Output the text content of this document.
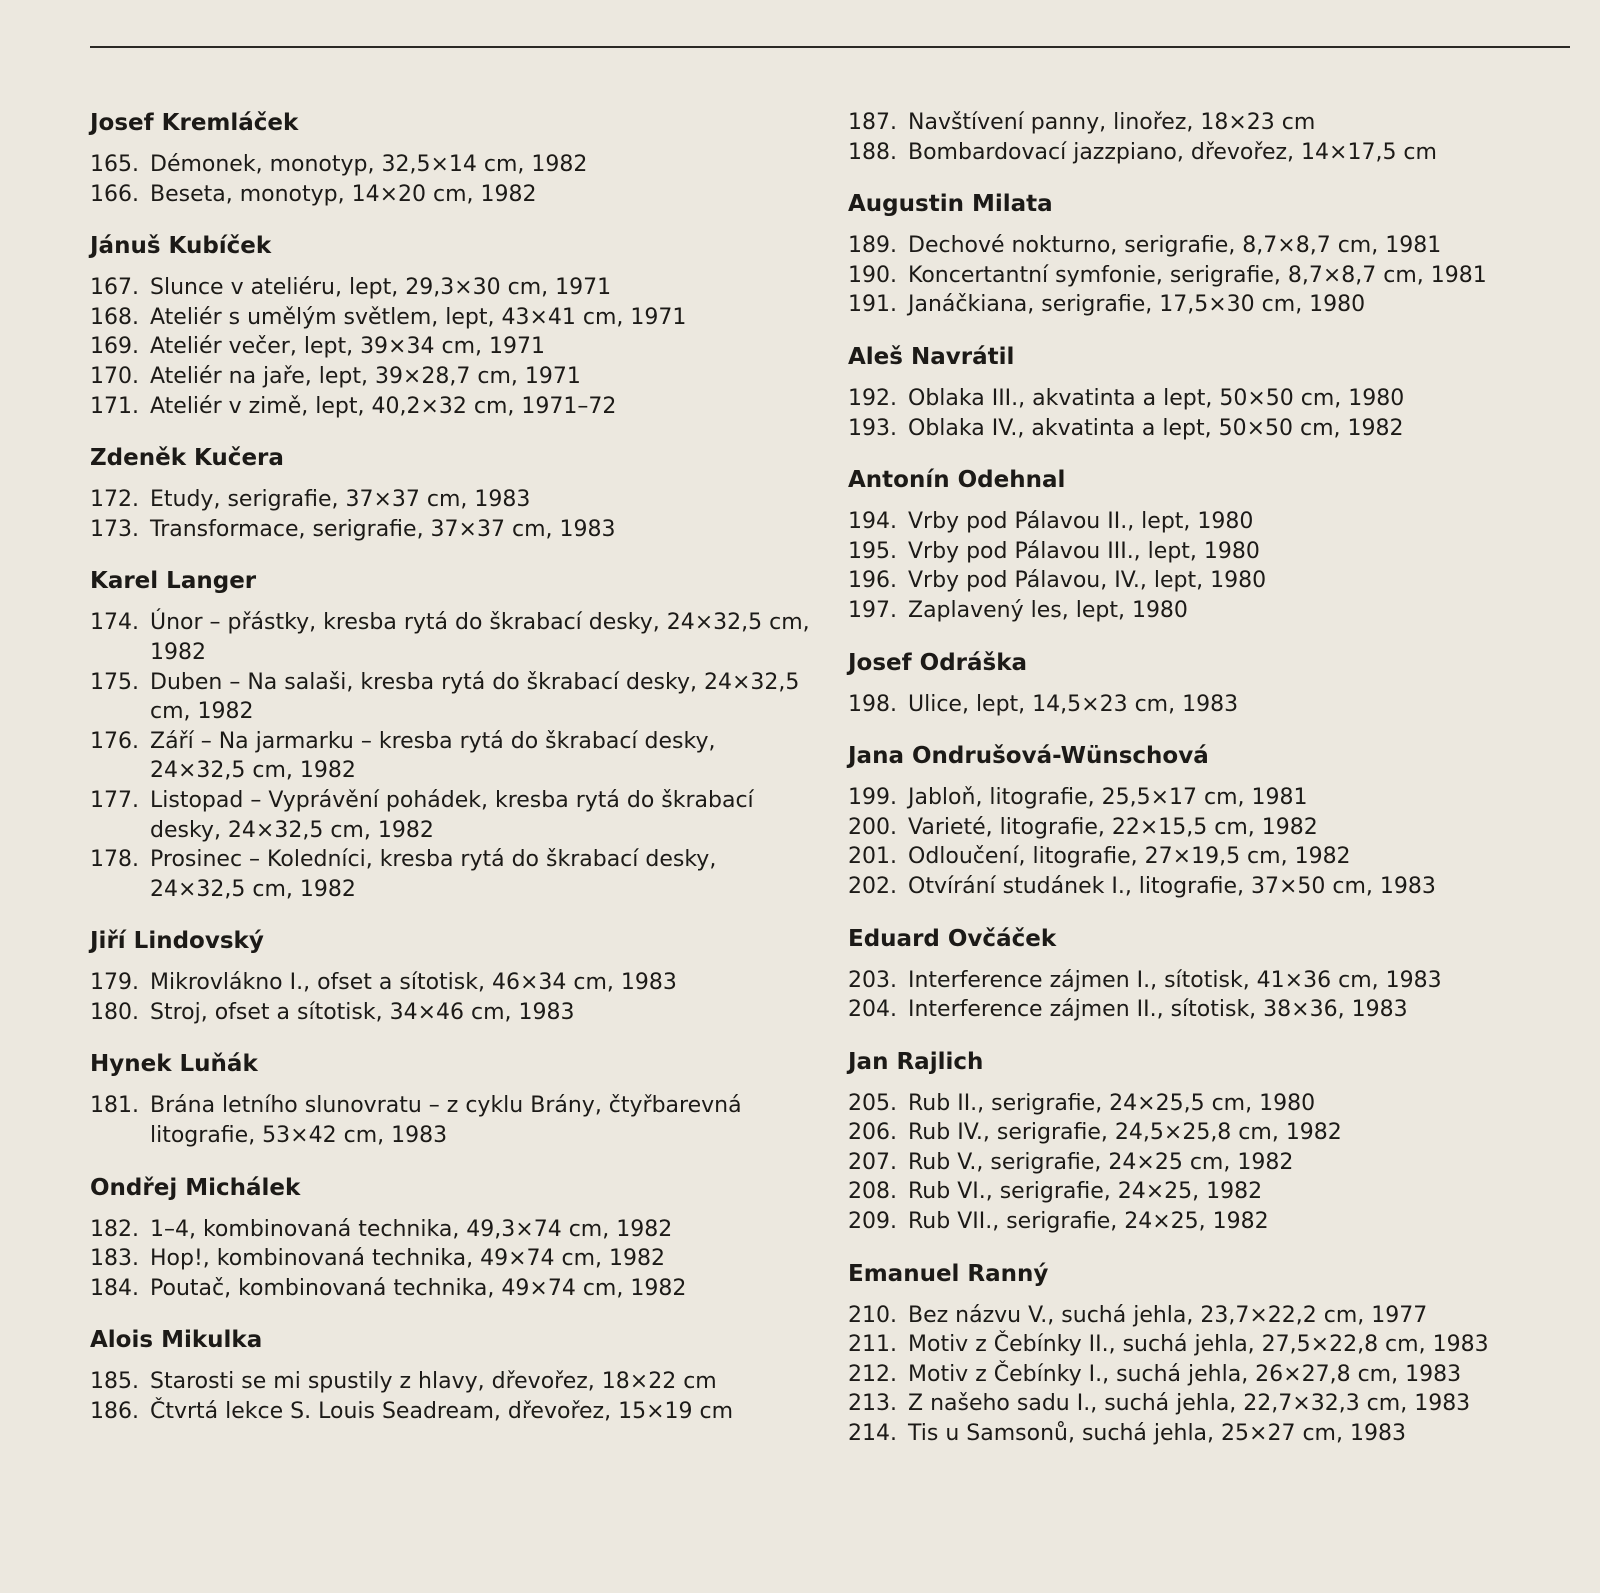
Josef Kremláček
165. Démonek, monotyp, 32,5×14 cm, 1982
166. Beseta, monotyp, 14×20 cm, 1982
Jánuš Kubíček
167. Slunce v ateliéru, lept, 29,3×30 cm, 1971
168. Ateliér s umělým světlem, lept, 43×41 cm, 1971
169. Ateliér večer, lept, 39×34 cm, 1971
170. Ateliér na jaře, lept, 39×28,7 cm, 1971
171. Ateliér v zimě, lept, 40,2×32 cm, 1971–72
Zdeněk Kučera
172. Etudy, serigrafie, 37×37 cm, 1983
173. Transformace, serigrafie, 37×37 cm, 1983
Karel Langer
174. Únor – přástky, kresba rytá do škrabací desky, 24×32,5 cm, 1982
175. Duben – Na salaši, kresba rytá do škrabací desky, 24×32,5 cm, 1982
176. Září – Na jarmarku – kresba rytá do škrabací desky, 24×32,5 cm, 1982
177. Listopad – Vyprávění pohádek, kresba rytá do škrabací desky, 24×32,5 cm, 1982
178. Prosinec – Koledníci, kresba rytá do škrabací desky, 24×32,5 cm, 1982
Jiří Lindovský
179. Mikrovlákno I., ofset a sítotisk, 46×34 cm, 1983
180. Stroj, ofset a sítotisk, 34×46 cm, 1983
Hynek Luňák
181. Brána letního slunovratu – z cyklu Brány, čtyřbarevná litografie, 53×42 cm, 1983
Ondřej Michálek
182. 1–4, kombinovaná technika, 49,3×74 cm, 1982
183. Hop!, kombinovaná technika, 49×74 cm, 1982
184. Poutač, kombinovaná technika, 49×74 cm, 1982
Alois Mikulka
185. Starosti se mi spustily z hlavy, dřevořez, 18×22 cm
186. Čtvrtá lekce S. Louis Seadream, dřevořez, 15×19 cm
187. Navštívení panny, linořez, 18×23 cm
188. Bombardovací jazzpiano, dřevořez, 14×17,5 cm
Augustin Milata
189. Dechové nokturno, serigrafie, 8,7×8,7 cm, 1981
190. Koncertantní symfonie, serigrafie, 8,7×8,7 cm, 1981
191. Janáčkiana, serigrafie, 17,5×30 cm, 1980
Aleš Navrátil
192. Oblaka III., akvatinta a lept, 50×50 cm, 1980
193. Oblaka IV., akvatinta a lept, 50×50 cm, 1982
Antonín Odehnal
194. Vrby pod Pálavou II., lept, 1980
195. Vrby pod Pálavou III., lept, 1980
196. Vrby pod Pálavou, IV., lept, 1980
197. Zaplavený les, lept, 1980
Josef Odráška
198. Ulice, lept, 14,5×23 cm, 1983
Jana Ondrušová-Wünschová
199. Jabloň, litografie, 25,5×17 cm, 1981
200. Varieté, litografie, 22×15,5 cm, 1982
201. Odloučení, litografie, 27×19,5 cm, 1982
202. Otvírání studánek I., litografie, 37×50 cm, 1983
Eduard Ovčáček
203. Interference zájmen I., sítotisk, 41×36 cm, 1983
204. Interference zájmen II., sítotisk, 38×36, 1983
Jan Rajlich
205. Rub II., serigrafie, 24×25,5 cm, 1980
206. Rub IV., serigrafie, 24,5×25,8 cm, 1982
207. Rub V., serigrafie, 24×25 cm, 1982
208. Rub VI., serigrafie, 24×25, 1982
209. Rub VII., serigrafie, 24×25, 1982
Emanuel Ranný
210. Bez názvu V., suchá jehla, 23,7×22,2 cm, 1977
211. Motiv z Čebínky II., suchá jehla, 27,5×22,8 cm, 1983
212. Motiv z Čebínky I., suchá jehla, 26×27,8 cm, 1983
213. Z našeho sadu I., suchá jehla, 22,7×32,3 cm, 1983
214. Tis u Samsonů, suchá jehla, 25×27 cm, 1983
